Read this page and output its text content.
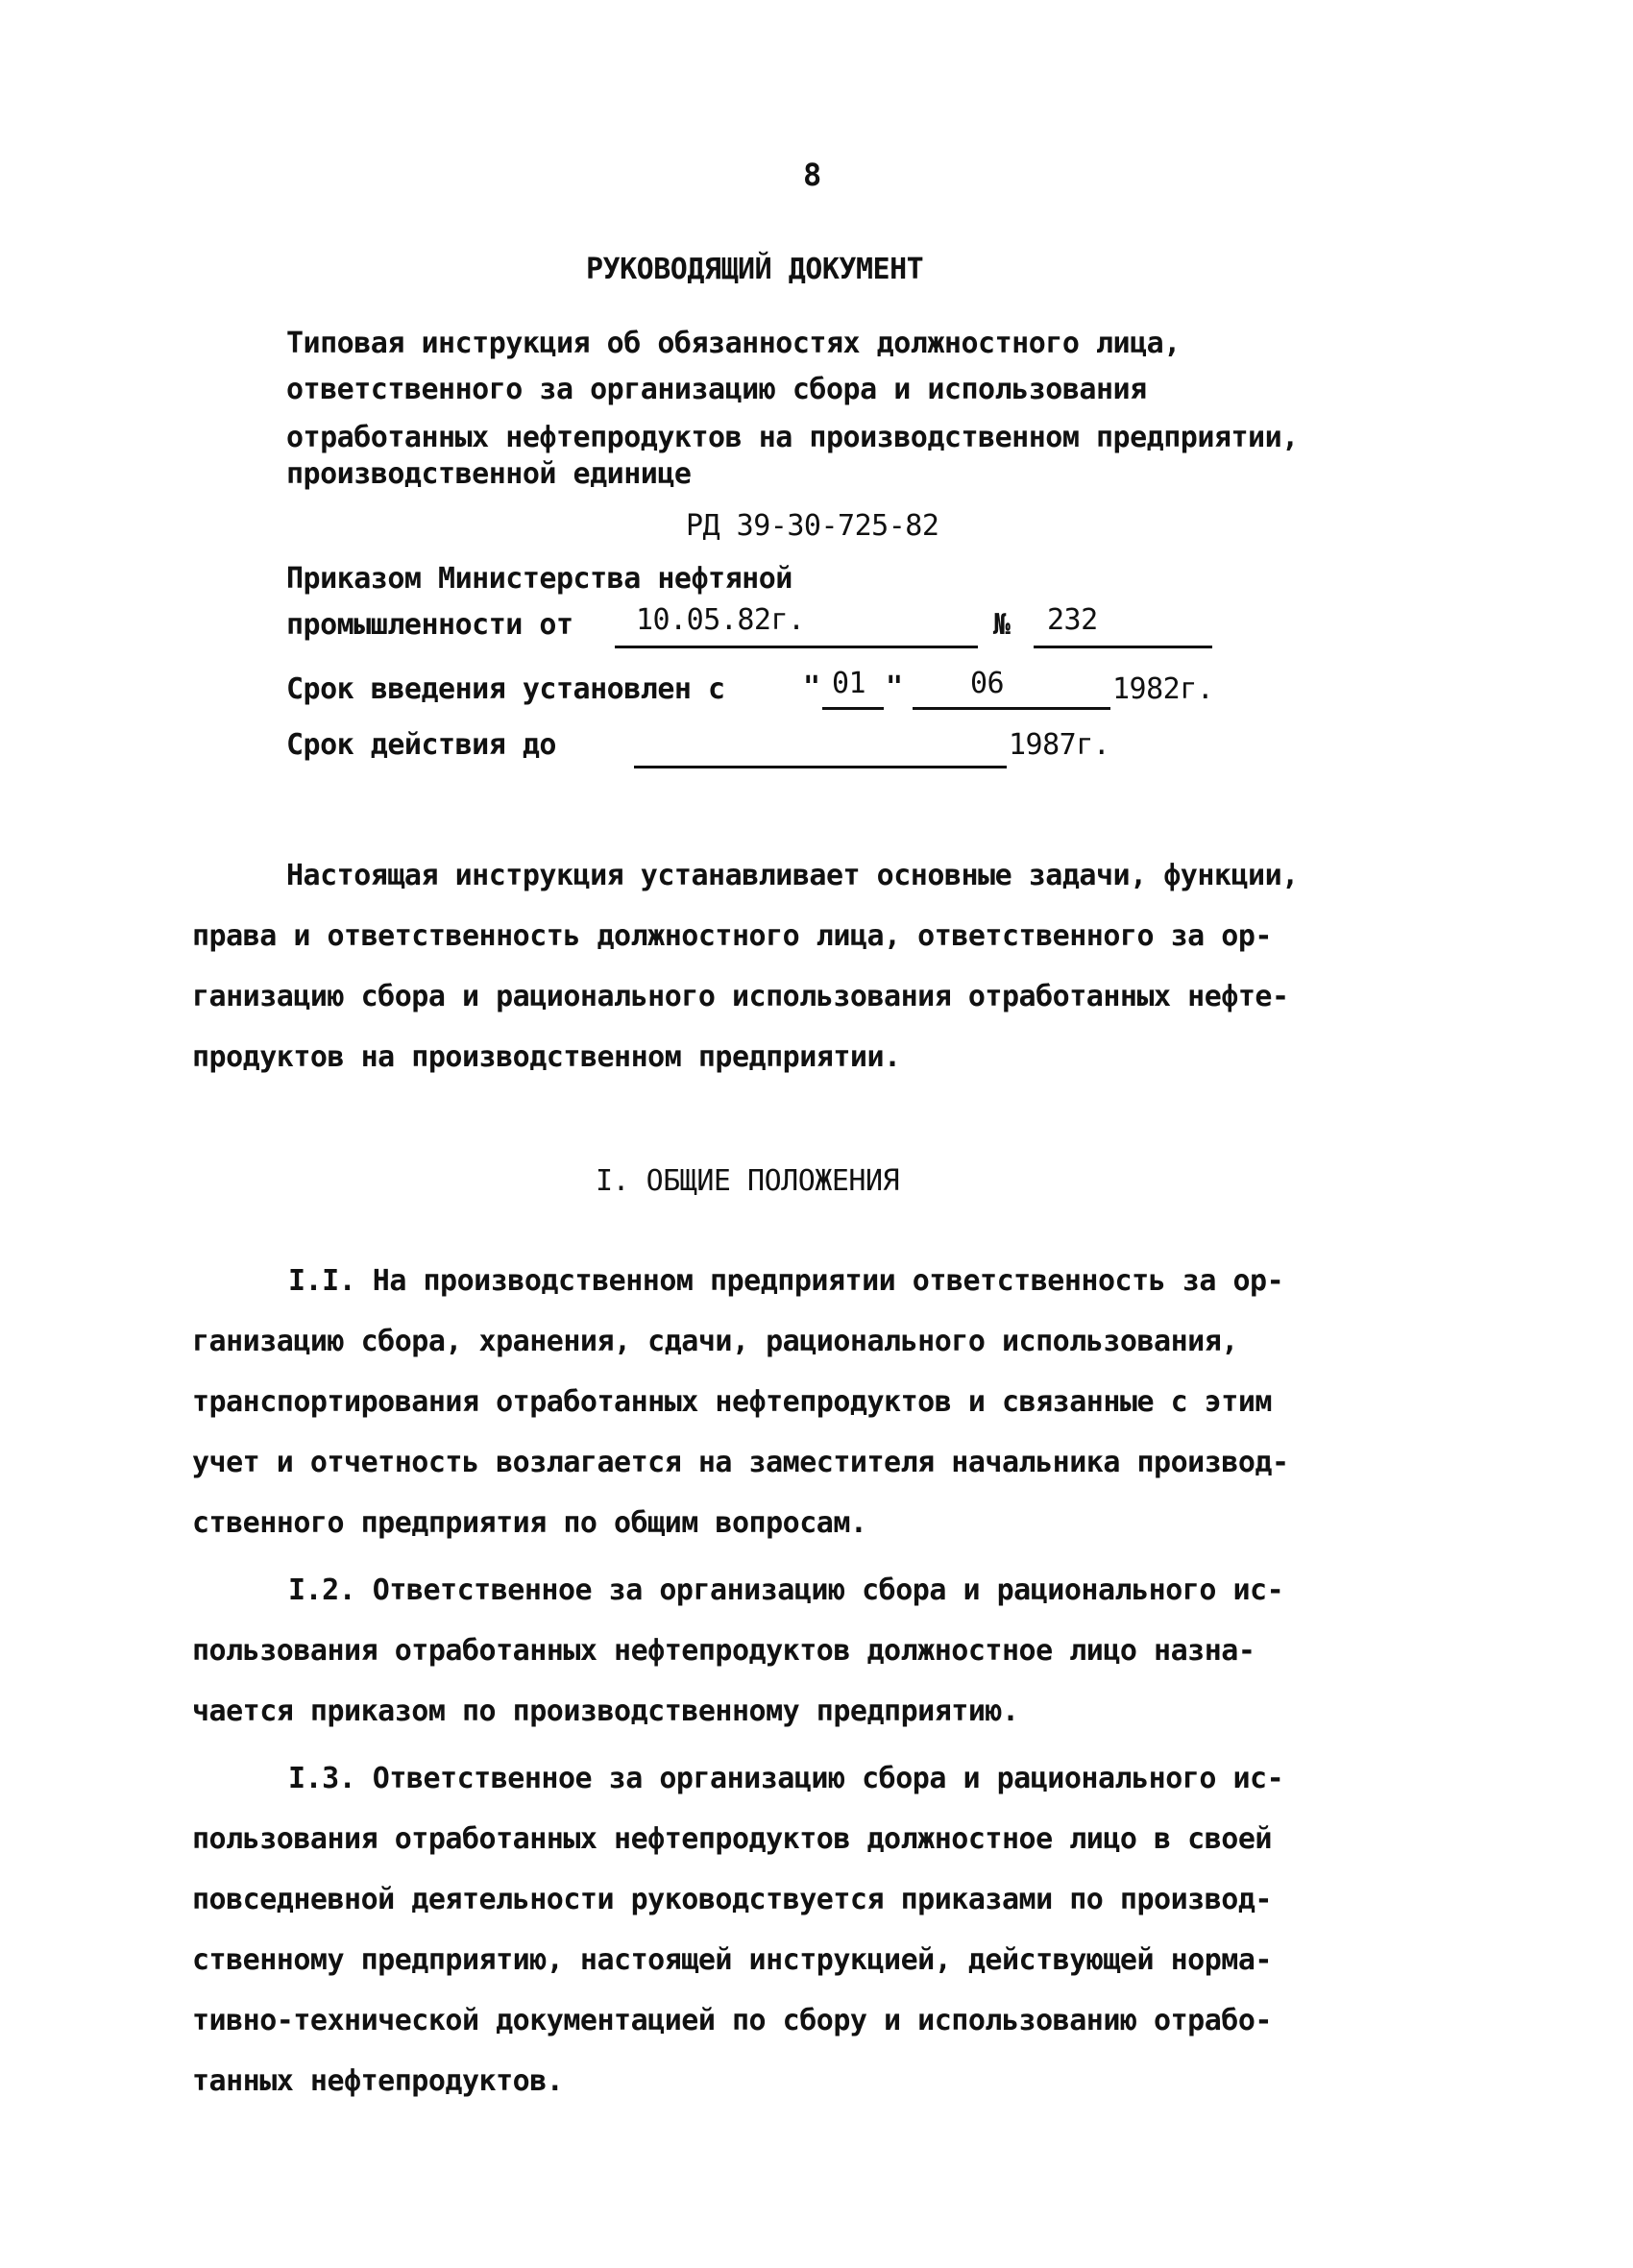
8
РУКОВОДЯЩИЙ ДОКУМЕНТ
Типовая инструкция об обязанностях должностного лица,
ответственного за организацию сбора и использования
отработанных нефтепродуктов на производственном предприятии,
производственной единице
РД 39-30-725-82
Приказом Министерства нефтяной
промышленности от 10.05.82г.	№ 232
Срок введения установлен с	" 01 " 06	1982г.
Срок действия до	1987г.
Настоящая инструкция устанавливает основные задачи, функции,
права и ответственность должностного лица, ответственного за ор-
ганизацию сбора и рационального использования отработанных нефте-
продуктов на производственном предприятии.
I. ОБЩИЕ ПОЛОЖЕНИЯ
I.I. На производственном предприятии ответственность за ор-
ганизацию сбора, хранения, сдачи, рационального использования,
транспортирования отработанных нефтепродуктов и связанные с этим
учет и отчетность возлагается на заместителя начальника производ-
ственного предприятия по общим вопросам.
I.2. Ответственное за организацию сбора и рационального ис-
пользования отработанных нефтепродуктов должностное лицо назна-
чается приказом по производственному предприятию.
I.3. Ответственное за организацию сбора и рационального ис-
пользования отработанных нефтепродуктов должностное лицо в своей
повседневной деятельности руководствуется приказами по производ-
ственному предприятию, настоящей инструкцией, действующей норма-
тивно-технической документацией по сбору и использованию отрабо-
танных нефтепродуктов.
